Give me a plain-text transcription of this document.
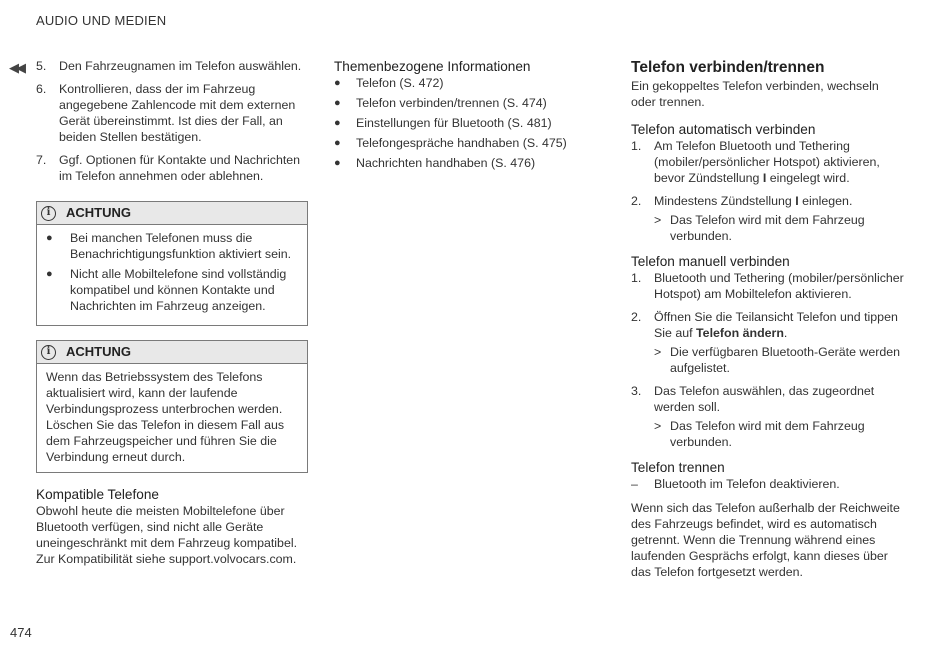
AUDIO UND MEDIEN
◀◀ 5. Den Fahrzeugnamen im Telefon auswählen.
6. Kontrollieren, dass der im Fahrzeug angegebene Zahlencode mit dem externen Gerät übereinstimmt. Ist dies der Fall, an beiden Stellen bestätigen.
7. Ggf. Optionen für Kontakte und Nachrichten im Telefon annehmen oder ablehnen.
i	ACHTUNG
● Bei manchen Telefonen muss die Benachrichtigungsfunktion aktiviert sein.
● Nicht alle Mobiltelefone sind vollständig kompatibel und können Kontakte und Nachrichten im Fahrzeug anzeigen.
i	ACHTUNG

Wenn das Betriebssystem des Telefons aktualisiert wird, kann der laufende Verbindungsprozess unterbrochen werden. Löschen Sie das Telefon in diesem Fall aus dem Fahrzeugspeicher und führen Sie die Verbindung erneut durch.

Kompatible Telefone

Obwohl heute die meisten Mobiltelefone über Bluetooth verfügen, sind nicht alle Geräte uneingeschränkt mit dem Fahrzeug kompatibel. Zur Kompatibilität siehe support.volvocars.com.

Themenbezogene Informationen
● Telefon (S. 472)
● Telefon verbinden/trennen (S. 474)
● Einstellungen für Bluetooth (S. 481)
● Telefongespräche handhaben (S. 475)
● Nachrichten handhaben (S. 476)
Telefon verbinden/trennen

Ein gekoppeltes Telefon verbinden, wechseln oder trennen.

Telefon automatisch verbinden
1. Am Telefon Bluetooth und Tethering (mobiler/persönlicher Hotspot) aktivieren, bevor Zündstellung I eingelegt wird.
2. Mindestens Zündstellung I einlegen.
> Das Telefon wird mit dem Fahrzeug verbunden.
Telefon manuell verbinden
1. Bluetooth und Tethering (mobiler/persönlicher Hotspot) am Mobiltelefon aktivieren.
2. Öffnen Sie die Teilansicht Telefon und tippen Sie auf Telefon ändern.
> Die verfügbaren Bluetooth-Geräte werden aufgelistet.
3. Das Telefon auswählen, das zugeordnet werden soll.
> Das Telefon wird mit dem Fahrzeug verbunden.
Telefon trennen
– Bluetooth im Telefon deaktivieren.

Wenn sich das Telefon außerhalb der Reichweite des Fahrzeugs befindet, wird es automatisch getrennt. Wenn die Trennung während eines laufenden Gesprächs erfolgt, kann dieses über das Telefon fortgesetzt werden.

474
